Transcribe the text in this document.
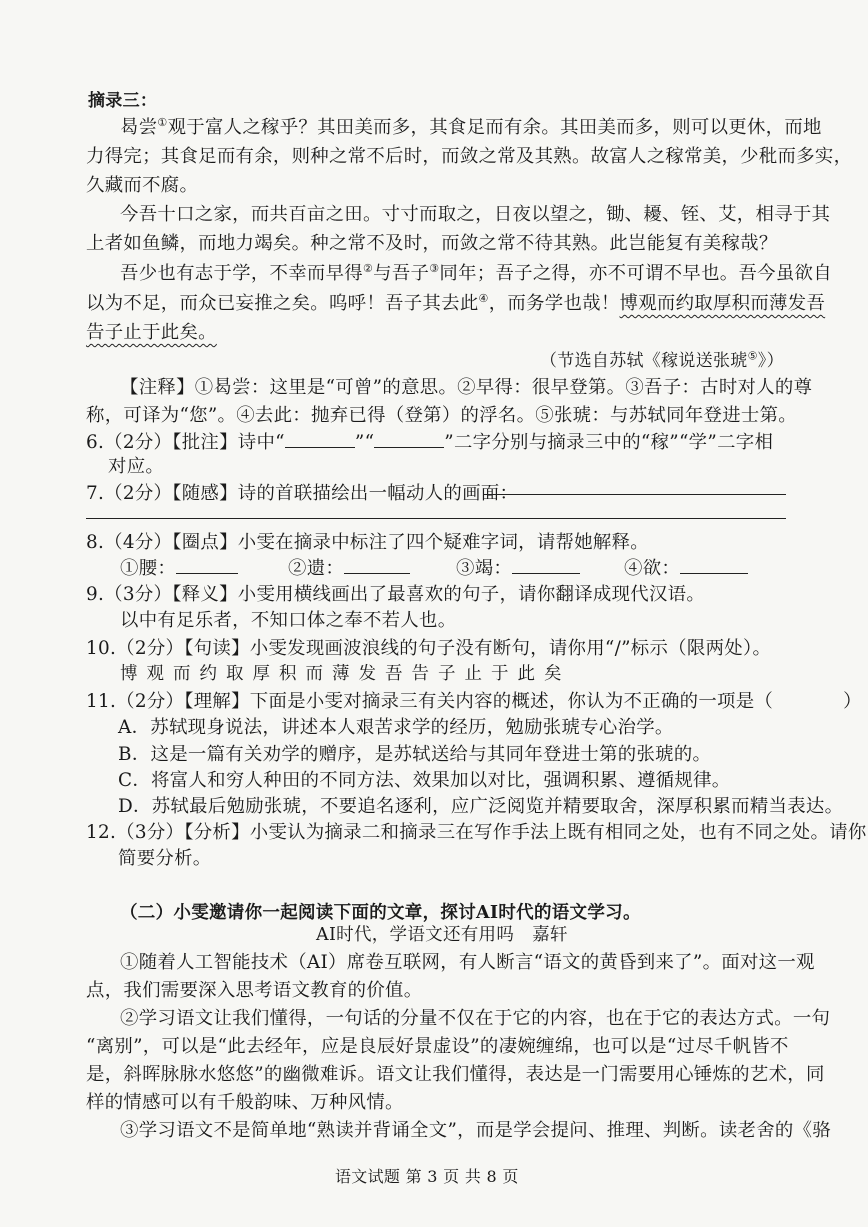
摘录三：
曷尝①观于富人之稼乎？其田美而多，其食足而有余。其田美而多，则可以更休，而地
力得完；其食足而有余，则种之常不后时，而敛之常及其熟。故富人之稼常美，少秕而多实，
久藏而不腐。
今吾十口之家，而共百亩之田。寸寸而取之，日夜以望之，锄、耰、铚、艾，相寻于其
上者如鱼鳞，而地力竭矣。种之常不及时，而敛之常不待其熟。此岂能复有美稼哉？
吾少也有志于学，不幸而早得②与吾子③同年；吾子之得，亦不可谓不早也。吾今虽欲自
以为不足，而众已妄推之矣。呜呼！吾子其去此④，而务学也哉！博观而约取厚积而薄发吾
告子止于此矣。
（节选自苏轼《稼说送张琥⑤》）
【注释】①曷尝：这里是“可曾”的意思。②早得：很早登第。③吾子：古时对人的尊
称，可译为“您”。④去此：抛弃已得（登第）的浮名。⑤张琥：与苏轼同年登进士第。
6.（2分）【批注】诗中“	”“	”二字分别与摘录三中的“稼”“学”二字相
对应。
7.（2分）【随感】诗的首联描绘出一幅动人的画面：
8.（4分）【圈点】小雯在摘录中标注了四个疑难字词，请帮她解释。
①腰：	②遗：	③竭：	④欲：
9.（3分）【释义】小雯用横线画出了最喜欢的句子，请你翻译成现代汉语。
以中有足乐者，不知口体之奉不若人也。
10.（2分）【句读】小雯发现画波浪线的句子没有断句，请你用“/”标示（限两处）。
博观而约取厚积而薄发吾告子止于此矣
11.（2分）【理解】下面是小雯对摘录三有关内容的概述，你认为不正确的一项是（	）
A．苏轼现身说法，讲述本人艰苦求学的经历，勉励张琥专心治学。
B．这是一篇有关劝学的赠序，是苏轼送给与其同年登进士第的张琥的。
C．将富人和穷人种田的不同方法、效果加以对比，强调积累、遵循规律。
D．苏轼最后勉励张琥，不要追名逐利，应广泛阅览并精要取舍，深厚积累而精当表达。
12.（3分）【分析】小雯认为摘录二和摘录三在写作手法上既有相同之处，也有不同之处。请你
简要分析。
（二）小雯邀请你一起阅读下面的文章，探讨AI时代的语文学习。
AI时代，学语文还有用吗 嘉轩
①随着人工智能技术（AI）席卷互联网，有人断言“语文的黄昏到来了”。面对这一观
点，我们需要深入思考语文教育的价值。
②学习语文让我们懂得，一句话的分量不仅在于它的内容，也在于它的表达方式。一句
“离别”，可以是“此去经年，应是良辰好景虚设”的凄婉缠绵，也可以是“过尽千帆皆不
是，斜晖脉脉水悠悠”的幽微难诉。语文让我们懂得，表达是一门需要用心锤炼的艺术，同
样的情感可以有千般韵味、万种风情。
③学习语文不是简单地“熟读并背诵全文”，而是学会提问、推理、判断。读老舍的《骆
语文试题 第 3 页 共 8 页
